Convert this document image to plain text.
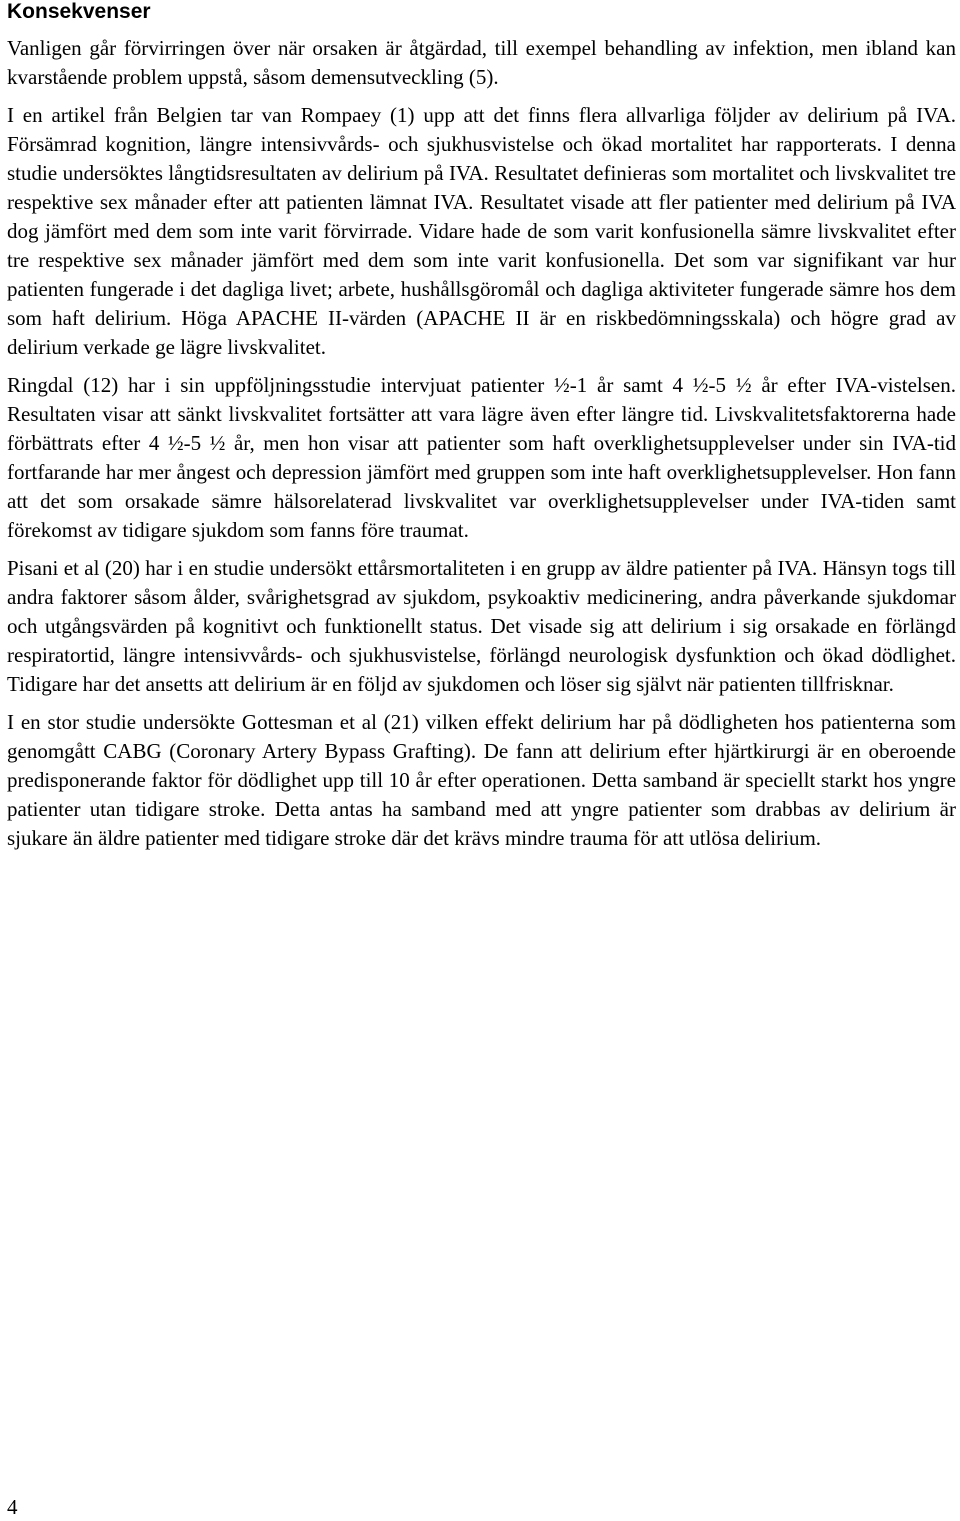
Konsekvenser

Vanligen går förvirringen över när orsaken är åtgärdad, till exempel behandling av infektion, men ibland kan kvarstående problem uppstå, såsom demensutveckling (5).

I en artikel från Belgien tar van Rompaey (1) upp att det finns flera allvarliga följder av delirium på IVA. Försämrad kognition, längre intensivvårds- och sjukhusvistelse och ökad mortalitet har rapporterats. I denna studie undersöktes långtidsresultaten av delirium på IVA. Resultatet definieras som mortalitet och livskvalitet tre respektive sex månader efter att patienten lämnat IVA. Resultatet visade att fler patienter med delirium på IVA dog jämfört med dem som inte varit förvirrade. Vidare hade de som varit konfusionella sämre livskvalitet efter tre respektive sex månader jämfört med dem som inte varit konfusionella. Det som var signifikant var hur patienten fungerade i det dagliga livet; arbete, hushållsgöromål och dagliga aktiviteter fungerade sämre hos dem som haft delirium. Höga APACHE II-värden (APACHE II är en riskbedömningsskala) och högre grad av delirium verkade ge lägre livskvalitet.

Ringdal (12) har i sin uppföljningsstudie intervjuat patienter ½-1 år samt 4 ½-5 ½ år efter IVA-vistelsen. Resultaten visar att sänkt livskvalitet fortsätter att vara lägre även efter längre tid. Livskvalitetsfaktorerna hade förbättrats efter 4 ½-5 ½ år, men hon visar att patienter som haft overklighetsupplevelser under sin IVA-tid fortfarande har mer ångest och depression jämfört med gruppen som inte haft overklighetsupplevelser. Hon fann att det som orsakade sämre hälsorelaterad livskvalitet var overklighetsupplevelser under IVA-tiden samt förekomst av tidigare sjukdom som fanns före traumat.

Pisani et al (20) har i en studie undersökt ettårsmortaliteten i en grupp av äldre patienter på IVA. Hänsyn togs till andra faktorer såsom ålder, svårighetsgrad av sjukdom, psykoaktiv medicinering, andra påverkande sjukdomar och utgångsvärden på kognitivt och funktionellt status. Det visade sig att delirium i sig orsakade en förlängd respiratortid, längre intensivvårds- och sjukhusvistelse, förlängd neurologisk dysfunktion och ökad dödlighet. Tidigare har det ansetts att delirium är en följd av sjukdomen och löser sig självt när patienten tillfrisknar.

I en stor studie undersökte Gottesman et al (21) vilken effekt delirium har på dödligheten hos patienterna som genomgått CABG (Coronary Artery Bypass Grafting). De fann att delirium efter hjärtkirurgi är en oberoende predisponerande faktor för dödlighet upp till 10 år efter operationen. Detta samband är speciellt starkt hos yngre patienter utan tidigare stroke. Detta antas ha samband med att yngre patienter som drabbas av delirium är sjukare än äldre patienter med tidigare stroke där det krävs mindre trauma för att utlösa delirium.

4
